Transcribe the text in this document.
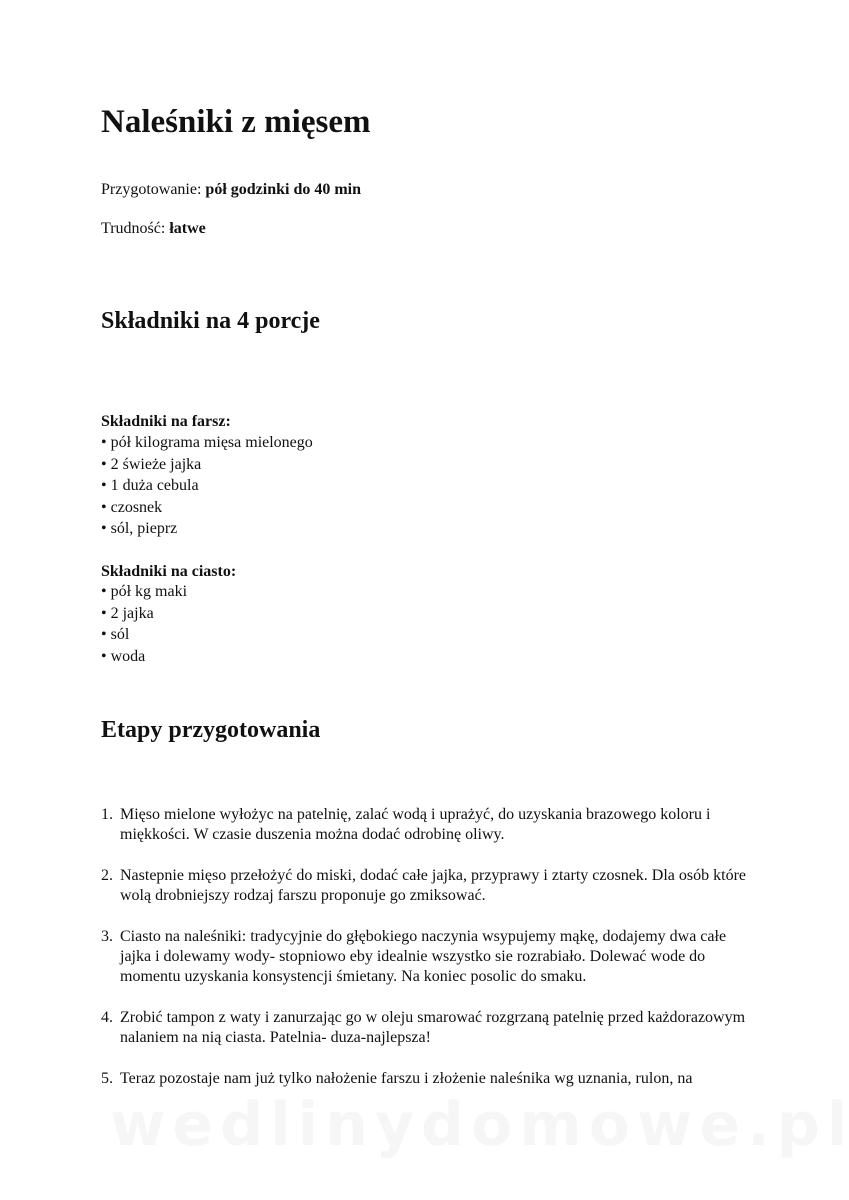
Naleśniki z mięsem
Przygotowanie: pół godzinki do 40 min
Trudność: łatwe
Składniki na 4 porcje
Składniki na farsz:
• pół kilograma mięsa mielonego
• 2 świeże jajka
• 1 duża cebula
• czosnek
• sól, pieprz
Składniki na ciasto:
• pół kg maki
• 2 jajka
• sól
• woda
Etapy przygotowania
1. Mięso mielone wyłożyc na patelnię, zalać wodą i uprażyć, do uzyskania brazowego koloru i miękkości. W czasie duszenia można dodać odrobinę oliwy.
2. Nastepnie mięso przełożyć do miski, dodać całe jajka, przyprawy i ztarty czosnek. Dla osób które wolą drobniejszy rodzaj farszu proponuje go zmiksować.
3. Ciasto na naleśniki: tradycyjnie do głębokiego naczynia wsypujemy mąkę, dodajemy dwa całe jajka i dolewamy wody- stopniowo eby idealnie wszystko sie rozrabiało. Dolewać wode do momentu uzyskania konsystencji śmietany. Na koniec posolic do smaku.
4. Zrobić tampon z waty i zanurzając go w oleju smarować rozgrzaną patelnię przed każdorazowym nalaniem na nią ciasta. Patelnia- duza-najlepsza!
5. Teraz pozostaje nam już tylko nałożenie farszu i złożenie naleśnika wg uznania, rulon, na
